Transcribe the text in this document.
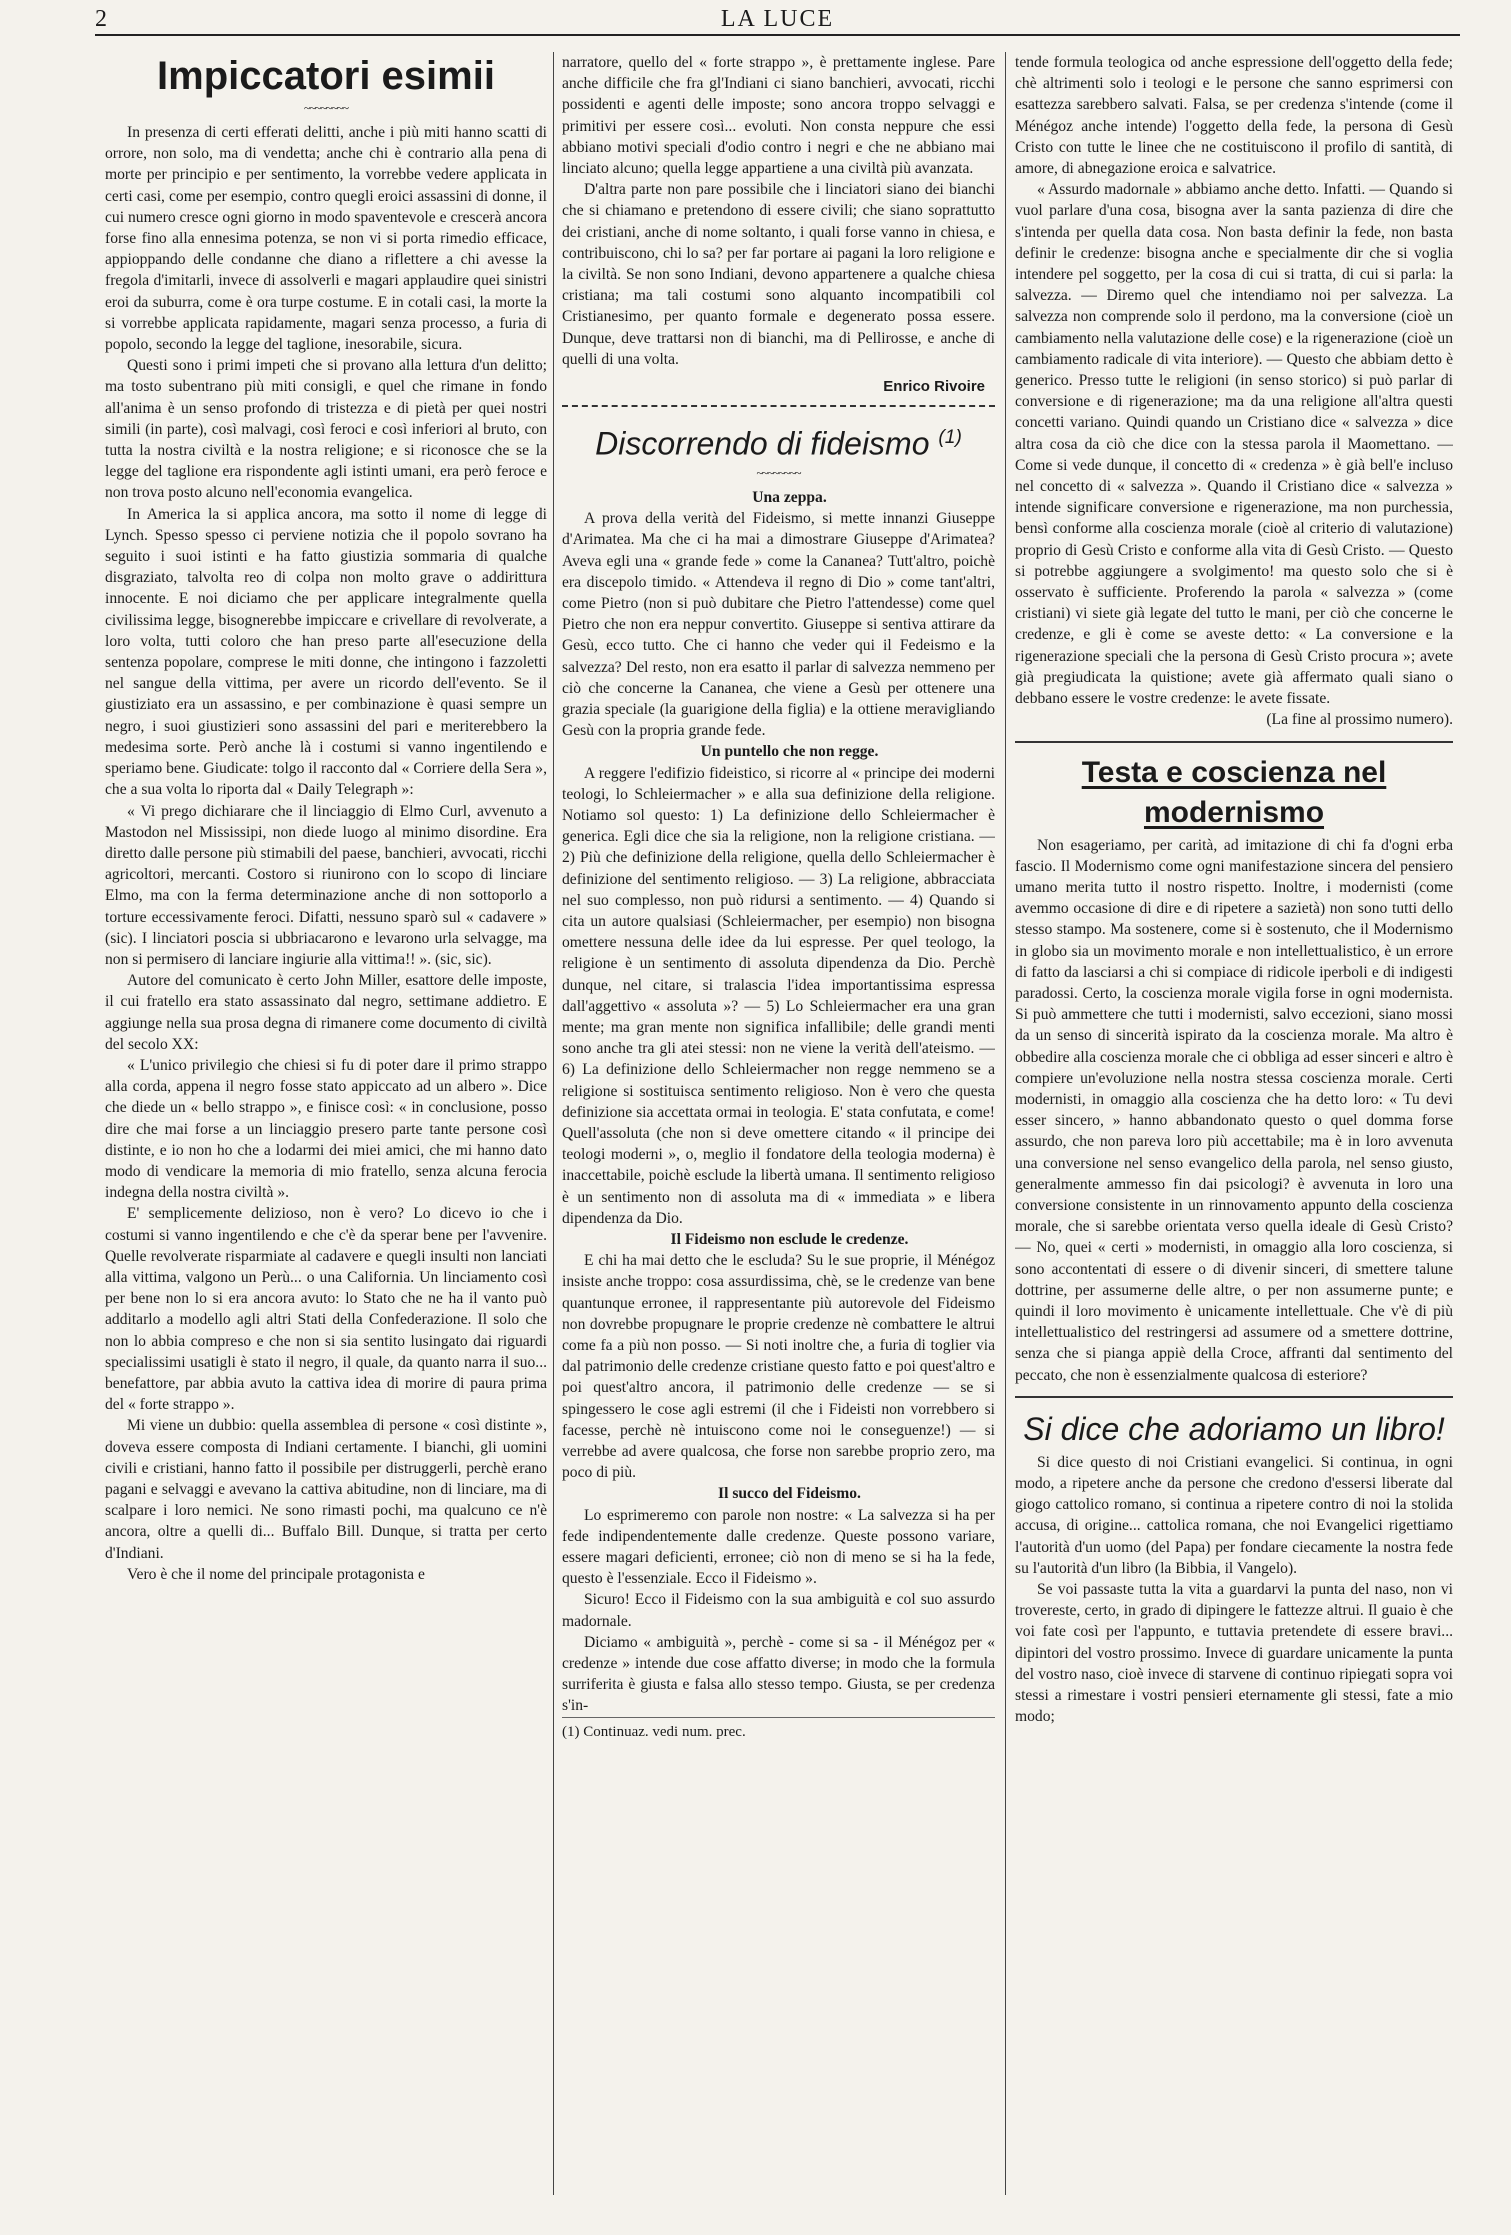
2	LA LUCE
Impiccatori esimii
~~~~~~~~

In presenza di certi efferati delitti, anche i più miti hanno scatti di orrore, non solo, ma di vendetta; anche chi è contrario alla pena di morte per principio e per sentimento, la vorrebbe vedere applicata in certi casi, come per esempio, contro quegli eroici assassini di donne, il cui numero cresce ogni giorno in modo spaventevole e crescerà ancora forse fino alla ennesima potenza, se non vi si porta rimedio efficace, appioppando delle condanne che diano a riflettere a chi avesse la fregola d'imitarli, invece di assolverli e magari applaudire quei sinistri eroi da suburra, come è ora turpe costume. E in cotali casi, la morte la si vorrebbe applicata rapidamente, magari senza processo, a furia di popolo, secondo la legge del taglione, inesorabile, sicura.

Questi sono i primi impeti che si provano alla lettura d'un delitto; ma tosto subentrano più miti consigli, e quel che rimane in fondo all'anima è un senso profondo di tristezza e di pietà per quei nostri simili (in parte), così malvagi, così feroci e così inferiori al bruto, con tutta la nostra civiltà e la nostra religione; e si riconosce che se la legge del taglione era rispondente agli istinti umani, era però feroce e non trova posto alcuno nell'economia evangelica.

In America la si applica ancora, ma sotto il nome di legge di Lynch. Spesso spesso ci perviene notizia che il popolo sovrano ha seguito i suoi istinti e ha fatto giustizia sommaria di qualche disgraziato, talvolta reo di colpa non molto grave o addirittura innocente. E noi diciamo che per applicare integralmente quella civilissima legge, bisognerebbe impiccare e crivellare di revolverate, a loro volta, tutti coloro che han preso parte all'esecuzione della sentenza popolare, comprese le miti donne, che intingono i fazzoletti nel sangue della vittima, per avere un ricordo dell'evento. Se il giustiziato era un assassino, e per combinazione è quasi sempre un negro, i suoi giustizieri sono assassini del pari e meriterebbero la medesima sorte. Però anche là i costumi si vanno ingentilendo e speriamo bene. Giudicate: tolgo il racconto dal « Corriere della Sera », che a sua volta lo riporta dal « Daily Telegraph »:

« Vi prego dichiarare che il linciaggio di Elmo Curl, avvenuto a Mastodon nel Mississipi, non diede luogo al minimo disordine. Era diretto dalle persone più stimabili del paese, banchieri, avvocati, ricchi agricoltori, mercanti. Costoro si riunirono con lo scopo di linciare Elmo, ma con la ferma determinazione anche di non sottoporlo a torture eccessivamente feroci. Difatti, nessuno sparò sul « cadavere » (sic). I linciatori poscia si ubbriacarono e levarono urla selvagge, ma non si permisero di lanciare ingiurie alla vittima!! ». (sic, sic).

Autore del comunicato è certo John Miller, esattore delle imposte, il cui fratello era stato assassinato dal negro, settimane addietro. E aggiunge nella sua prosa degna di rimanere come documento di civiltà del secolo XX:

« L'unico privilegio che chiesi si fu di poter dare il primo strappo alla corda, appena il negro fosse stato appiccato ad un albero ». Dice che diede un « bello strappo », e finisce così: « in conclusione, posso dire che mai forse a un linciaggio presero parte tante persone così distinte, e io non ho che a lodarmi dei miei amici, che mi hanno dato modo di vendicare la memoria di mio fratello, senza alcuna ferocia indegna della nostra civiltà ».

E' semplicemente delizioso, non è vero? Lo dicevo io che i costumi si vanno ingentilendo e che c'è da sperar bene per l'avvenire. Quelle revolverate risparmiate al cadavere e quegli insulti non lanciati alla vittima, valgono un Perù... o una California. Un linciamento così per bene non lo si era ancora avuto: lo Stato che ne ha il vanto può additarlo a modello agli altri Stati della Confederazione. Il solo che non lo abbia compreso e che non si sia sentito lusingato dai riguardi specialissimi usatigli è stato il negro, il quale, da quanto narra il suo... benefattore, par abbia avuto la cattiva idea di morire di paura prima del « forte strappo ».

Mi viene un dubbio: quella assemblea di persone « così distinte », doveva essere composta di Indiani certamente. I bianchi, gli uomini civili e cristiani, hanno fatto il possibile per distruggerli, perchè erano pagani e selvaggi e avevano la cattiva abitudine, non di linciare, ma di scalpare i loro nemici. Ne sono rimasti pochi, ma qualcuno ce n'è ancora, oltre a quelli di... Buffalo Bill. Dunque, si tratta per certo d'Indiani.

Vero è che il nome del principale protagonista e

narratore, quello del « forte strappo », è prettamente inglese. Pare anche difficile che fra gl'Indiani ci siano banchieri, avvocati, ricchi possidenti e agenti delle imposte; sono ancora troppo selvaggi e primitivi per essere così... evoluti. Non consta neppure che essi abbiano motivi speciali d'odio contro i negri e che ne abbiano mai linciato alcuno; quella legge appartiene a una civiltà più avanzata.

D'altra parte non pare possibile che i linciatori siano dei bianchi che si chiamano e pretendono di essere civili; che siano soprattutto dei cristiani, anche di nome soltanto, i quali forse vanno in chiesa, e contribuiscono, chi lo sa? per far portare ai pagani la loro religione e la civiltà. Se non sono Indiani, devono appartenere a qualche chiesa cristiana; ma tali costumi sono alquanto incompatibili col Cristianesimo, per quanto formale e degenerato possa essere. Dunque, deve trattarsi non di bianchi, ma di Pellirosse, e anche di quelli di una volta.

Enrico Rivoire
Discorrendo di fideismo $^{(1)}$
~~~~~~~~

Una zeppa.

A prova della verità del Fideismo, si mette innanzi Giuseppe d'Arimatea. Ma che ci ha mai a dimostrare Giuseppe d'Arimatea? Aveva egli una « grande fede » come la Cananea? Tutt'altro, poichè era discepolo timido. « Attendeva il regno di Dio » come tant'altri, come Pietro (non si può dubitare che Pietro l'attendesse) come quel Pietro che non era neppur convertito. Giuseppe si sentiva attirare da Gesù, ecco tutto. Che ci hanno che veder qui il Fedeismo e la salvezza? Del resto, non era esatto il parlar di salvezza nemmeno per ciò che concerne la Cananea, che viene a Gesù per ottenere una grazia speciale (la guarigione della figlia) e la ottiene meravigliando Gesù con la propria grande fede.

Un puntello che non regge.

A reggere l'edifizio fideistico, si ricorre al « principe dei moderni teologi, lo Schleiermacher » e alla sua definizione della religione. Notiamo sol questo: 1) La definizione dello Schleiermacher è generica. Egli dice che sia la religione, non la religione cristiana. — 2) Più che definizione della religione, quella dello Schleiermacher è definizione del sentimento religioso. — 3) La religione, abbracciata nel suo complesso, non può ridursi a sentimento. — 4) Quando si cita un autore qualsiasi (Schleiermacher, per esempio) non bisogna omettere nessuna delle idee da lui espresse. Per quel teologo, la religione è un sentimento di assoluta dipendenza da Dio. Perchè dunque, nel citare, si tralascia l'idea importantissima espressa dall'aggettivo « assoluta »? — 5) Lo Schleiermacher era una gran mente; ma gran mente non significa infallibile; delle grandi menti sono anche tra gli atei stessi: non ne viene la verità dell'ateismo. — 6) La definizione dello Schleiermacher non regge nemmeno se a religione si sostituisca sentimento religioso. Non è vero che questa definizione sia accettata ormai in teologia. E' stata confutata, e come! Quell'assoluta (che non si deve omettere citando « il principe dei teologi moderni », o, meglio il fondatore della teologia moderna) è inaccettabile, poichè esclude la libertà umana. Il sentimento religioso è un sentimento non di assoluta ma di « immediata » e libera dipendenza da Dio.

Il Fideismo non esclude le credenze.

E chi ha mai detto che le escluda? Su le sue proprie, il Ménégoz insiste anche troppo: cosa assurdissima, chè, se le credenze van bene quantunque erronee, il rappresentante più autorevole del Fideismo non dovrebbe propugnare le proprie credenze nè combattere le altrui come fa a più non posso. — Si noti inoltre che, a furia di toglier via dal patrimonio delle credenze cristiane questo fatto e poi quest'altro e poi quest'altro ancora, il patrimonio delle credenze — se si spingessero le cose agli estremi (il che i Fideisti non vorrebbero si facesse, perchè nè intuiscono come noi le conseguenze!) — si verrebbe ad avere qualcosa, che forse non sarebbe proprio zero, ma poco di più.

Il succo del Fideismo.

Lo esprimeremo con parole non nostre: « La salvezza si ha per fede indipendentemente dalle credenze. Queste possono variare, essere magari deficienti, erronee; ciò non di meno se si ha la fede, questo è l'essenziale. Ecco il Fideismo ».

Sicuro! Ecco il Fideismo con la sua ambiguità e col suo assurdo madornale.

Diciamo « ambiguità », perchè - come si sa - il Ménégoz per « credenze » intende due cose affatto diverse; in modo che la formula surriferita è giusta e falsa allo stesso tempo. Giusta, se per credenza s'in-

(1) Continuaz. vedi num. prec.

tende formula teologica od anche espressione dell'oggetto della fede; chè altrimenti solo i teologi e le persone che sanno esprimersi con esattezza sarebbero salvati. Falsa, se per credenza s'intende (come il Ménégoz anche intende) l'oggetto della fede, la persona di Gesù Cristo con tutte le linee che ne costituiscono il profilo di santità, di amore, di abnegazione eroica e salvatrice.

« Assurdo madornale » abbiamo anche detto. Infatti. — Quando si vuol parlare d'una cosa, bisogna aver la santa pazienza di dire che s'intenda per quella data cosa. Non basta definir la fede, non basta definir le credenze: bisogna anche e specialmente dir che si voglia intendere pel soggetto, per la cosa di cui si tratta, di cui si parla: la salvezza. — Diremo quel che intendiamo noi per salvezza. La salvezza non comprende solo il perdono, ma la conversione (cioè un cambiamento nella valutazione delle cose) e la rigenerazione (cioè un cambiamento radicale di vita interiore). — Questo che abbiam detto è generico. Presso tutte le religioni (in senso storico) si può parlar di conversione e di rigenerazione; ma da una religione all'altra questi concetti variano. Quindi quando un Cristiano dice « salvezza » dice altra cosa da ciò che dice con la stessa parola il Maomettano. — Come si vede dunque, il concetto di « credenza » è già bell'e incluso nel concetto di « salvezza ». Quando il Cristiano dice « salvezza » intende significare conversione e rigenerazione, ma non purchessia, bensì conforme alla coscienza morale (cioè al criterio di valutazione) proprio di Gesù Cristo e conforme alla vita di Gesù Cristo. — Questo si potrebbe aggiungere a svolgimento! ma questo solo che si è osservato è sufficiente. Proferendo la parola « salvezza » (come cristiani) vi siete già legate del tutto le mani, per ciò che concerne le credenze, e gli è come se aveste detto: « La conversione e la rigenerazione speciali che la persona di Gesù Cristo procura »; avete già pregiudicata la quistione; avete già affermato quali siano o debbano essere le vostre credenze: le avete fissate.

(La fine al prossimo numero).

Testa e coscienza nel modernismo

Non esageriamo, per carità, ad imitazione di chi fa d'ogni erba fascio. Il Modernismo come ogni manifestazione sincera del pensiero umano merita tutto il nostro rispetto. Inoltre, i modernisti (come avemmo occasione di dire e di ripetere a sazietà) non sono tutti dello stesso stampo. Ma sostenere, come si è sostenuto, che il Modernismo in globo sia un movimento morale e non intellettualistico, è un errore di fatto da lasciarsi a chi si compiace di ridicole iperboli e di indigesti paradossi. Certo, la coscienza morale vigila forse in ogni modernista. Si può ammettere che tutti i modernisti, salvo eccezioni, siano mossi da un senso di sincerità ispirato da la coscienza morale. Ma altro è obbedire alla coscienza morale che ci obbliga ad esser sinceri e altro è compiere un'evoluzione nella nostra stessa coscienza morale. Certi modernisti, in omaggio alla coscienza che ha detto loro: « Tu devi esser sincero, » hanno abbandonato questo o quel domma forse assurdo, che non pareva loro più accettabile; ma è in loro avvenuta una conversione nel senso evangelico della parola, nel senso giusto, generalmente ammesso fin dai psicologi? è avvenuta in loro una conversione consistente in un rinnovamento appunto della coscienza morale, che si sarebbe orientata verso quella ideale di Gesù Cristo? — No, quei « certi » modernisti, in omaggio alla loro coscienza, si sono accontentati di essere o di divenir sinceri, di smettere talune dottrine, per assumerne delle altre, o per non assumerne punte; e quindi il loro movimento è unicamente intellettuale. Che v'è di più intellettualistico del restringersi ad assumere od a smettere dottrine, senza che si pianga appiè della Croce, affranti dal sentimento del peccato, che non è essenzialmente qualcosa di esteriore?

Si dice che adoriamo un libro!

Si dice questo di noi Cristiani evangelici. Si continua, in ogni modo, a ripetere anche da persone che credono d'essersi liberate dal giogo cattolico romano, si continua a ripetere contro di noi la stolida accusa, di origine... cattolica romana, che noi Evangelici rigettiamo l'autorità d'un uomo (del Papa) per fondare ciecamente la nostra fede su l'autorità d'un libro (la Bibbia, il Vangelo).

Se voi passaste tutta la vita a guardarvi la punta del naso, non vi trovereste, certo, in grado di dipingere le fattezze altrui. Il guaio è che voi fate così per l'appunto, e tuttavia pretendete di essere bravi... dipintori del vostro prossimo. Invece di guardare unicamente la punta del vostro naso, cioè invece di starvene di continuo ripiegati sopra voi stessi a rimestare i vostri pensieri eternamente gli stessi, fate a mio modo;
